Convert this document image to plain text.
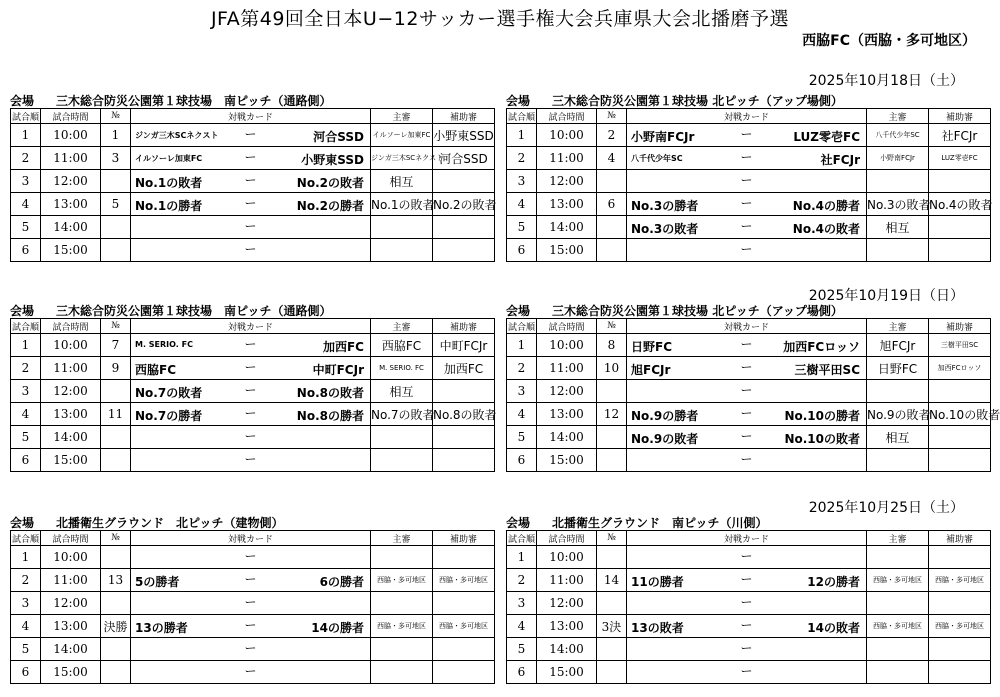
JFA第49回全日本U−12サッカー選手権大会兵庫県大会北播磨予選
西脇FC（西脇・多可地区）
2025年10月18日（土）
2025年10月19日（日）
2025年10月25日（土）
会場 三木総合防災公園第１球技場　南ピッチ（通路側）
試合順	試合時間	№	対戦カード	主審	補助審
1	10:00	1	ジンガ三木SCネクスト ー 河合SSD	イルソーレ加東FC	小野東SSD
2	11:00	3	イルソーレ加東FC ー 小野東SSD	ジンガ三木SCネクスト	河合SSD
3	12:00		No.1の敗者 ー No.2の敗者	相互	
4	13:00	5	No.1の勝者 ー No.2の勝者	No.1の敗者	No.2の敗者
5	14:00		ー		

6	15:00		ー		

会場 三木総合防災公園第１球技場 北ピッチ（アップ場側）
試合順	試合時間	№	対戦カード	主審	補助審
1	10:00	2	小野南FCJr ー LUZ零壱FC	八千代少年SC	社FCJr
2	11:00	4	八千代少年SC ー 社FCJr	小野南FCJr	LUZ零壱FC
3	12:00		ー		

4	13:00	6	No.3の勝者 ー No.4の勝者	No.3の敗者	No.4の敗者
5	14:00		No.3の敗者 ー No.4の敗者	相互	
6	15:00		ー		

会場 三木総合防災公園第１球技場　南ピッチ（通路側）
試合順	試合時間	№	対戦カード	主審	補助審
1	10:00	7	M. SERIO. FC ー 加西FC	西脇FC	中町FCJr
2	11:00	9	西脇FC ー 中町FCJr	M. SERIO. FC	加西FC
3	12:00		No.7の敗者 ー No.8の敗者	相互	
4	13:00	11	No.7の勝者 ー No.8の勝者	No.7の敗者	No.8の敗者
5	14:00		ー		

6	15:00		ー		

会場 三木総合防災公園第１球技場 北ピッチ（アップ場側）
試合順	試合時間	№	対戦カード	主審	補助審
1	10:00	8	日野FC ー 加西FCロッソ	旭FCJr	三樹平田SC
2	11:00	10	旭FCJr ー 三樹平田SC	日野FC	加西FCロッソ
3	12:00		ー		

4	13:00	12	No.9の勝者 ー No.10の勝者	No.9の敗者	No.10の敗者
5	14:00		No.9の敗者 ー No.10の敗者	相互	
6	15:00		ー		

会場 北播衛生グラウンド　北ピッチ（建物側）
試合順	試合時間	№	対戦カード	主審	補助審
1	10:00		ー		

2	11:00	13	5の勝者 ー 6の勝者	西脇・多可地区	西脇・多可地区
3	12:00		ー		

4	13:00	決勝	13の勝者 ー 14の勝者	西脇・多可地区	西脇・多可地区
5	14:00		ー		

6	15:00		ー		

会場 北播衛生グラウンド　南ピッチ（川側）
試合順	試合時間	№	対戦カード	主審	補助審
1	10:00		ー		

2	11:00	14	11の勝者 ー 12の勝者	西脇・多可地区	西脇・多可地区
3	12:00		ー		

4	13:00	3決	13の敗者 ー 14の敗者	西脇・多可地区	西脇・多可地区
5	14:00		ー		

6	15:00		ー		
